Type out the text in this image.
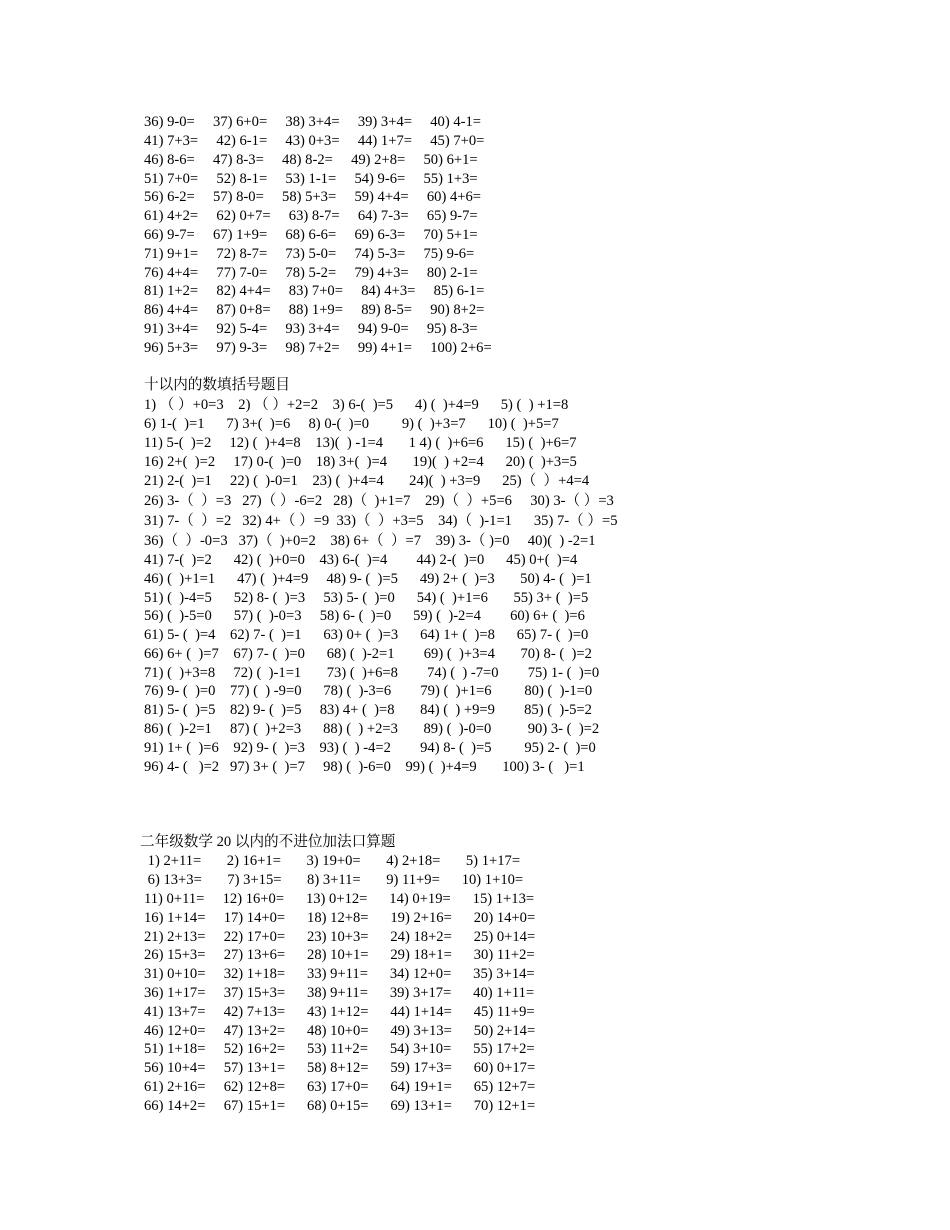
36) 9-0=     37) 6+0=     38) 3+4=     39) 3+4=     40) 4-1=
41) 7+3=     42) 6-1=     43) 0+3=     44) 1+7=     45) 7+0=
46) 8-6=     47) 8-3=     48) 8-2=     49) 2+8=     50) 6+1=
51) 7+0=     52) 8-1=     53) 1-1=     54) 9-6=     55) 1+3=
56) 6-2=     57) 8-0=     58) 5+3=     59) 4+4=     60) 4+6=
61) 4+2=     62) 0+7=     63) 8-7=     64) 7-3=     65) 9-7=
66) 9-7=     67) 1+9=     68) 6-6=     69) 6-3=     70) 5+1=
71) 9+1=     72) 8-7=     73) 5-0=     74) 5-3=     75) 9-6=
76) 4+4=     77) 7-0=     78) 5-2=     79) 4+3=     80) 2-1=
81) 1+2=     82) 4+4=     83) 7+0=     84) 4+3=     85) 6-1=
86) 4+4=     87) 0+8=     88) 1+9=     89) 8-5=     90) 8+2=
91) 3+4=     92) 5-4=     93) 3+4=     94) 9-0=     95) 8-3=
96) 5+3=     97) 9-3=     98) 7+2=     99) 4+1=     100) 2+6=
十以内的数填括号题目
1) （ ）+0=3    2) （ ）+2=2    3) 6-(  )=5      4) (  )+4=9      5) (  ) +1=8
6) 1-(  )=1      7) 3+(  )=6     8) 0-(  )=0         9) (  )+3=7      10) (  )+5=7
11) 5-(  )=2     12) (  )+4=8    13)(  ) -1=4       1 4) (  )+6=6      15) (  )+6=7
16) 2+(  )=2     17) 0-(  )=0    18) 3+(  )=4       19)(  ) +2=4      20) (  )+3=5
21) 2-(  )=1     22) (  )-0=1    23) (  )+4=4       24)(  ) +3=9      25)（  ）+4=4
26) 3-（  ）=3   27)（ ）-6=2   28)（  )+1=7    29)（  ）+5=6     30) 3-（ ）=3
31) 7-（  ）=2   32) 4+（ ）=9  33)（  ）+3=5    34)（  )-1=1      35) 7-（ ）=5
36)（  ）-0=3   37)（  )+0=2    38) 6+（  ）=7    39) 3-（ )=0     40)(  ) -2=1
41) 7-(  )=2      42) (  )+0=0    43) 6-(  )=4        44) 2-(  )=0      45) 0+(  )=4
46) (  )+1=1      47) (  )+4=9     48) 9- (  )=5      49) 2+ (  )=3       50) 4- (  )=1
51) (  )-4=5      52) 8- (  )=3     53) 5- (  )=0      54) (  )+1=6       55) 3+ (  )=5
56) (  )-5=0      57) (  )-0=3     58) 6- (  )=0      59) (  )-2=4        60) 6+ (  )=6
61) 5- (  )=4    62) 7- (  )=1      63) 0+ (  )=3      64) 1+ (  )=8      65) 7- (  )=0
66) 6+ (  )=7    67) 7- (  )=0      68) (  )-2=1        69) (  )+3=4       70) 8- (  )=2
71) (  )+3=8     72) (  )-1=1       73) (  )+6=8        74) (  ) -7=0        75) 1- (  )=0
76) 9- (  )=0    77) (  ) -9=0      78) (  )-3=6        79) (  )+1=6         80) (  )-1=0
81) 5- (  )=5    82) 9- (  )=5     83) 4+ (  )=8       84) (  ) +9=9        85) (  )-5=2
86) (  )-2=1     87) (  )+2=3      88) (  ) +2=3       89) (  )-0=0          90) 3- (  )=2
91) 1+ (  )=6    92) 9- (  )=3    93) (  ) -4=2        94) 8- (  )=5         95) 2- (  )=0
96) 4- (   )=2   97) 3+ (  )=7     98) (  )-6=0    99) (  )+4=9       100) 3- (   )=1
二年级数学 20 以内的不进位加法口算题
1) 2+11=       2) 16+1=       3) 19+0=       4) 2+18=       5) 1+17=
6) 13+3=       7) 3+15=       8) 3+11=       9) 11+9=      10) 1+10=
11) 0+11=     12) 16+0=      13) 0+12=      14) 0+19=      15) 1+13=
16) 1+14=     17) 14+0=      18) 12+8=      19) 2+16=      20) 14+0=
21) 2+13=     22) 17+0=      23) 10+3=      24) 18+2=      25) 0+14=
26) 15+3=     27) 13+6=      28) 10+1=      29) 18+1=      30) 11+2=
31) 0+10=     32) 1+18=      33) 9+11=      34) 12+0=      35) 3+14=
36) 1+17=     37) 15+3=      38) 9+11=      39) 3+17=      40) 1+11=
41) 13+7=     42) 7+13=      43) 1+12=      44) 1+14=      45) 11+9=
46) 12+0=     47) 13+2=      48) 10+0=      49) 3+13=      50) 2+14=
51) 1+18=     52) 16+2=      53) 11+2=      54) 3+10=      55) 17+2=
56) 10+4=     57) 13+1=      58) 8+12=      59) 17+3=      60) 0+17=
61) 2+16=     62) 12+8=      63) 17+0=      64) 19+1=      65) 12+7=
66) 14+2=     67) 15+1=      68) 0+15=      69) 13+1=      70) 12+1=
